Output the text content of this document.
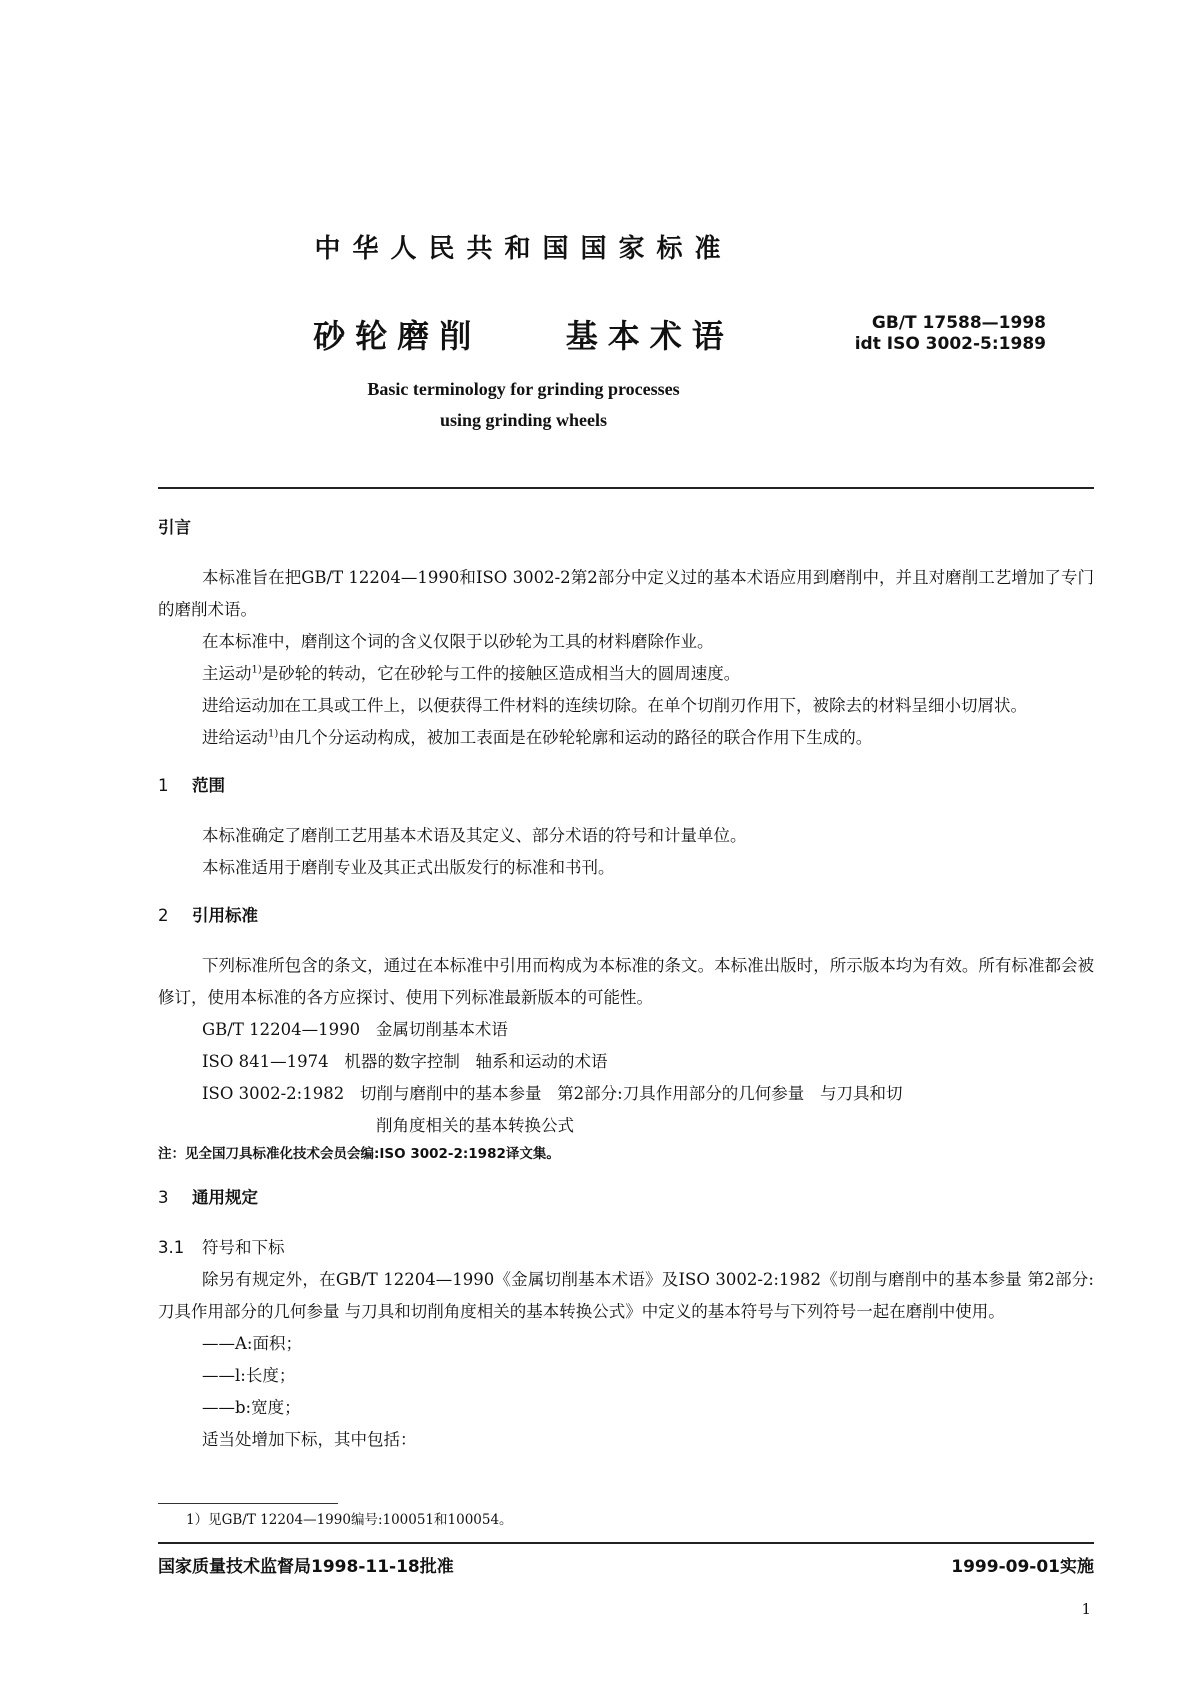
中华人民共和国国家标准
砂轮磨削    基本术语	GB/T 17588—1998
idt ISO 3002-5:1989
Basic terminology for grinding processes
using grinding wheels

引言

本标准旨在把GB/T 12204—1990和ISO 3002-2第2部分中定义过的基本术语应用到磨削中，并且对磨削工艺增加了专门的磨削术语。

在本标准中，磨削这个词的含义仅限于以砂轮为工具的材料磨除作业。

主运动$^{1)}$是砂轮的转动，它在砂轮与工件的接触区造成相当大的圆周速度。

进给运动加在工具或工件上，以便获得工件材料的连续切除。在单个切削刃作用下，被除去的材料呈细小切屑状。

进给运动$^{1)}$由几个分运动构成，被加工表面是在砂轮轮廓和运动的路径的联合作用下生成的。

1 范围

本标准确定了磨削工艺用基本术语及其定义、部分术语的符号和计量单位。

本标准适用于磨削专业及其正式出版发行的标准和书刊。

2 引用标准

下列标准所包含的条文，通过在本标准中引用而构成为本标准的条文。本标准出版时，所示版本均为有效。所有标准都会被修订，使用本标准的各方应探讨、使用下列标准最新版本的可能性。

GB/T 12204—1990   金属切削基本术语

ISO 841—1974   机器的数字控制   轴系和运动的术语

ISO 3002-2:1982   切削与磨削中的基本参量   第2部分:刀具作用部分的几何参量   与刀具和切

削角度相关的基本转换公式

注：见全国刀具标准化技术会员会编:ISO 3002-2:1982译文集。

3 通用规定

3.1 符号和下标

除另有规定外，在GB/T 12204—1990《金属切削基本术语》及ISO 3002-2:1982《切削与磨削中的基本参量 第2部分:刀具作用部分的几何参量 与刀具和切削角度相关的基本转换公式》中定义的基本符号与下列符号一起在磨削中使用。

——A:面积；

——l:长度；

——b:宽度；

适当处增加下标，其中包括：

1）见GB/T 12204—1990编号:100051和100054。
国家质量技术监督局1998-11-18批准	1999-09-01实施
1
